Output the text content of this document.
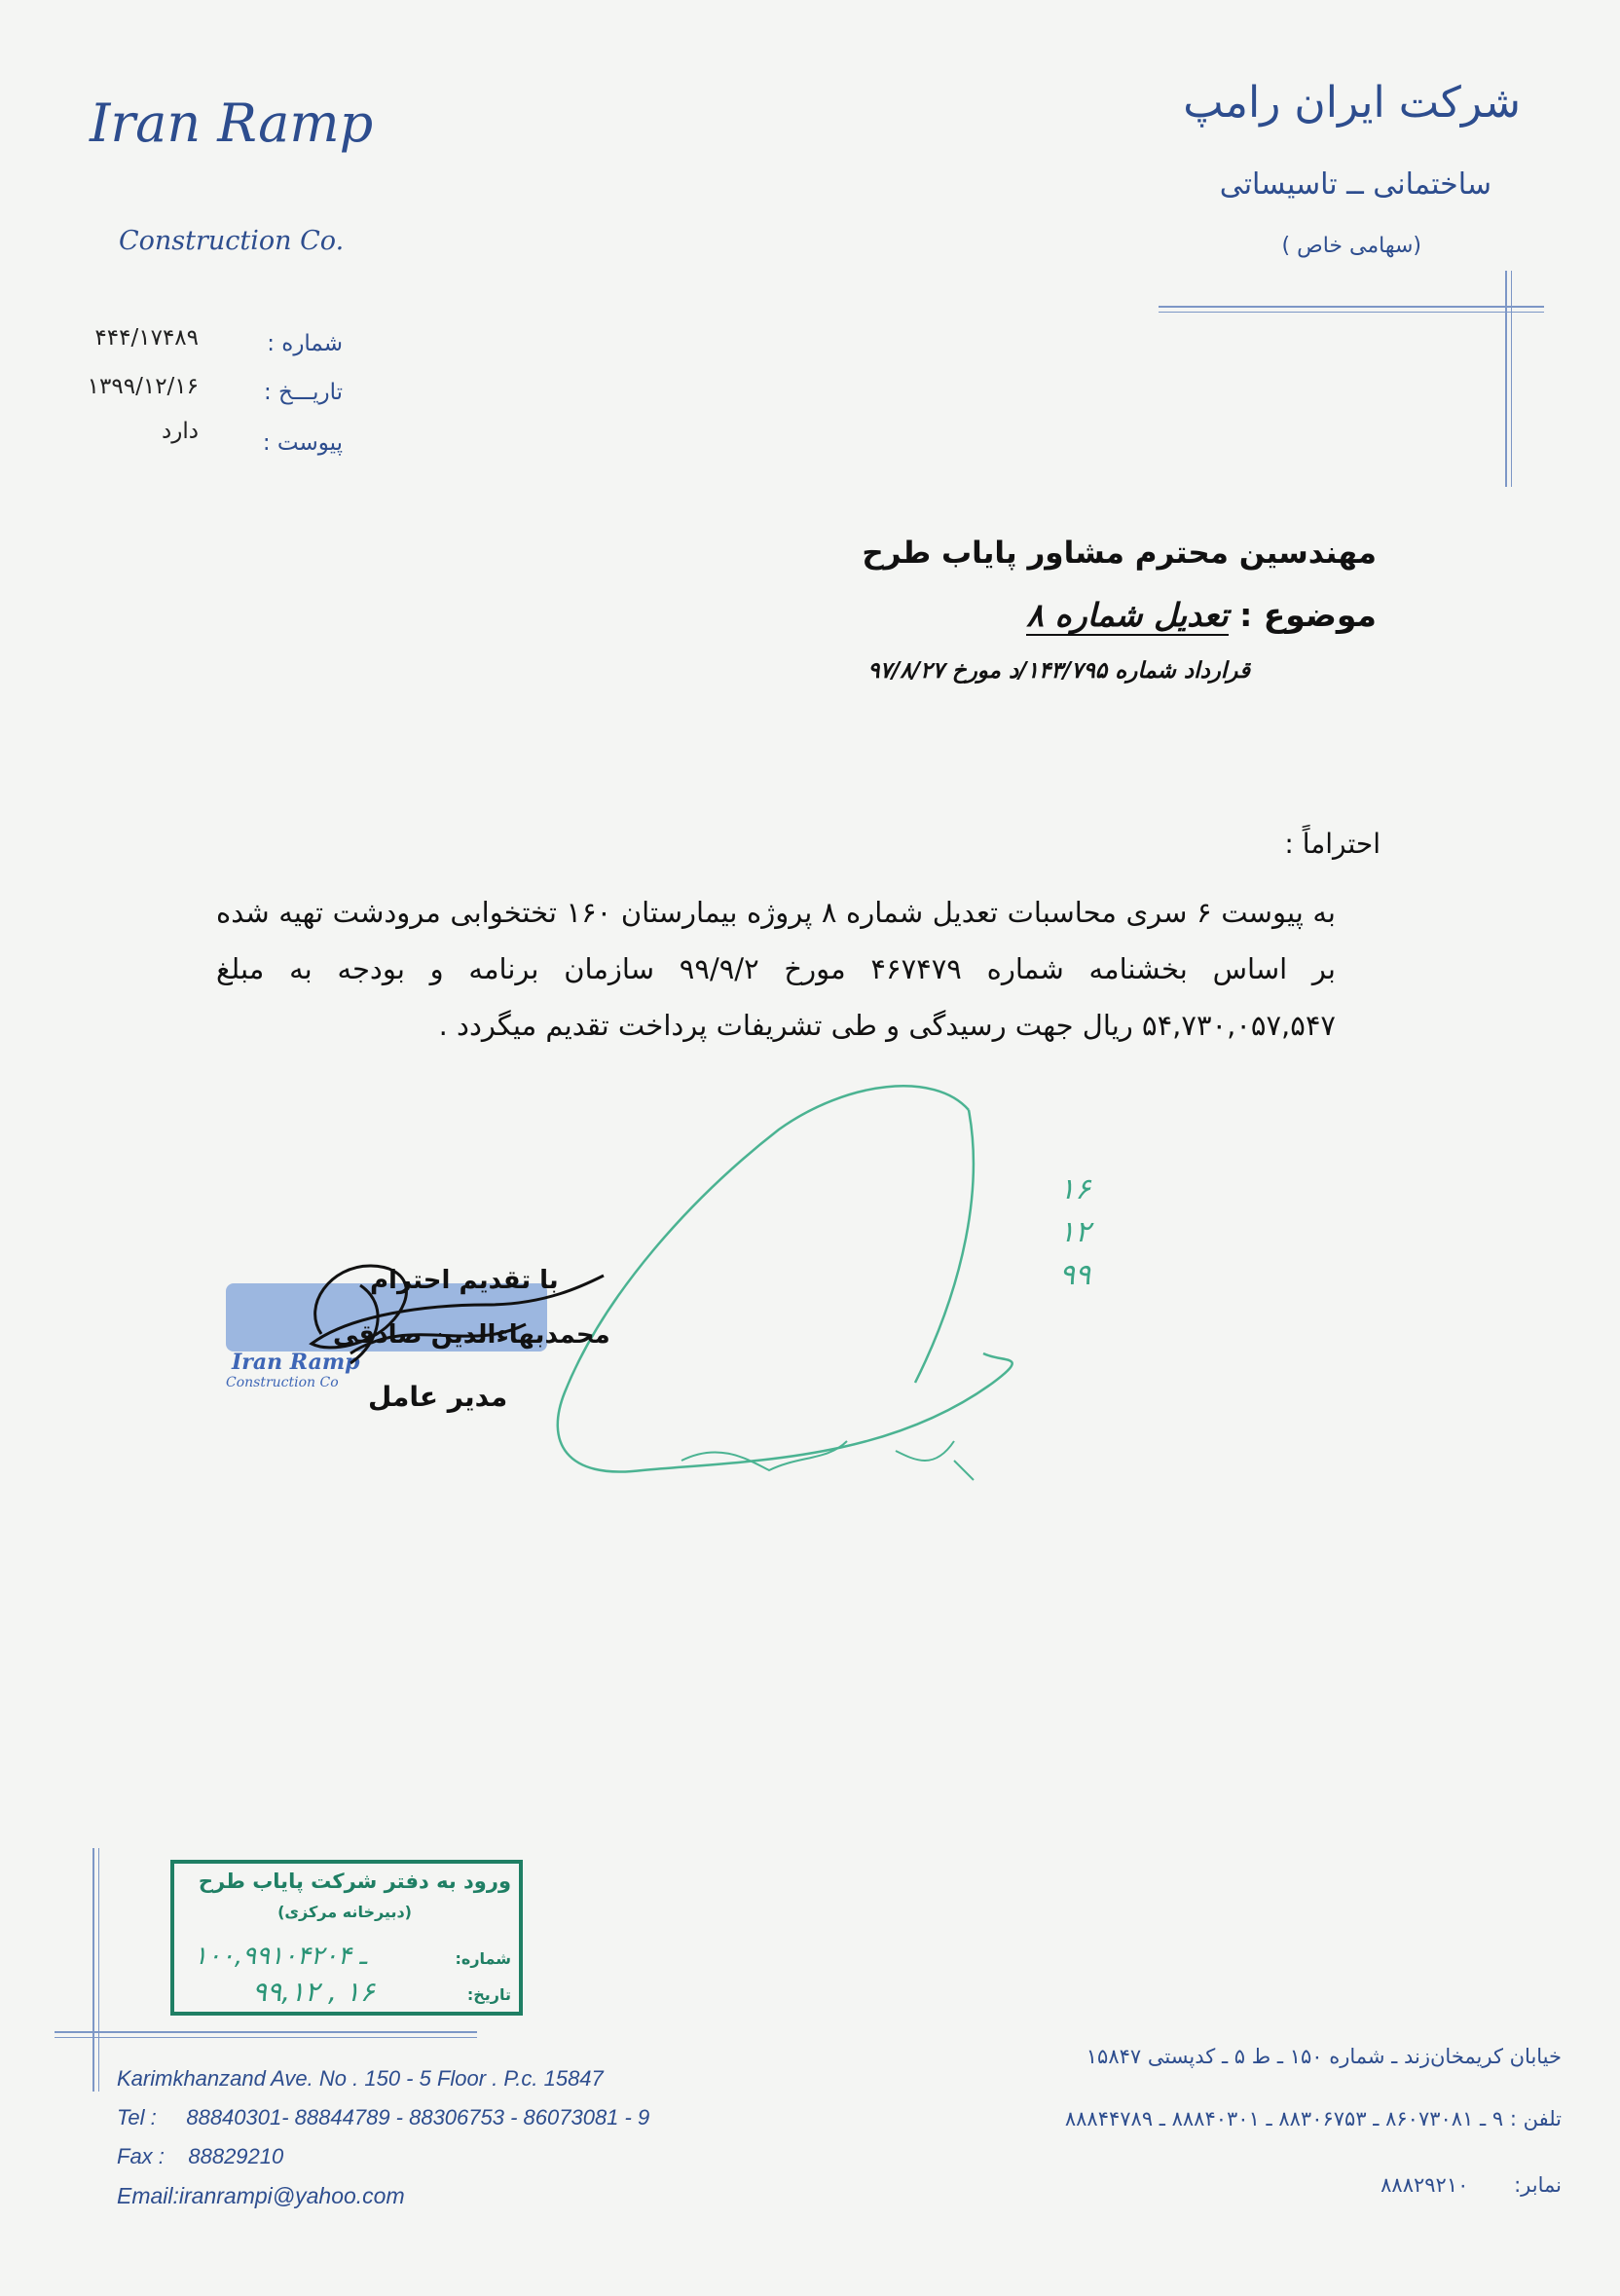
Iran Ramp
Construction Co.
شرکت ایران رامپ
ساختمانی ــ تاسیساتی
(سهامی خاص )
شماره :
۴۴۴/۱۷۴۸۹
تاریـــخ :
۱۳۹۹/۱۲/۱۶
پیوست :
دارد
مهندسین محترم مشاور پایاب طرح
موضوع : تعدیل شماره ۸
قرارداد شماره ۱۴۳/۷۹۵/د مورخ ۹۷/۸/۲۷
احتراماً :
به پیوست ۶ سری محاسبات تعدیل شماره ۸ پروژه بیمارستان ۱۶۰ تختخوابی مرودشت تهیه شده بر اساس بخشنامه شماره ۴۶۷۴۷۹ مورخ ۹۹/۹/۲ سازمان برنامه و بودجه به مبلغ ۵۴,۷۳۰,۰۵۷,۵۴۷ ریال جهت رسیدگی و طی تشریفات پرداخت تقدیم میگردد .
۱۶
۱۲
۹۹
Iran Ramp
Construction Co
با تقدیم احترام
محمدبهاءالدین صادقی
مدیر عامل
ورود به دفتر شرکت پایاب طرح
(دبیرخانه مرکزی)
شماره:
۱۰۰,۹۹ـ ۱۰۴۲۰۴
تاریخ:
۹۹,۱۲ , ۱۶
Karimkhanzand Ave. No . 150 - 5 Floor . P.c. 15847
Tel : 88840301- 88844789 - 88306753 - 86073081 - 9
Fax : 88829210
Email:iranrampi@yahoo.com
خیابان کریمخان‌زند ـ شماره ۱۵۰ ـ ط ۵ ـ کدپستی ۱۵۸۴۷
تلفن : ۹ ـ ۸۶۰۷۳۰۸۱ ـ ۸۸۳۰۶۷۵۳ ـ ۸۸۸۴۰۳۰۱ ـ ۸۸۸۴۴۷۸۹
نمابر:       ۸۸۸۲۹۲۱۰
